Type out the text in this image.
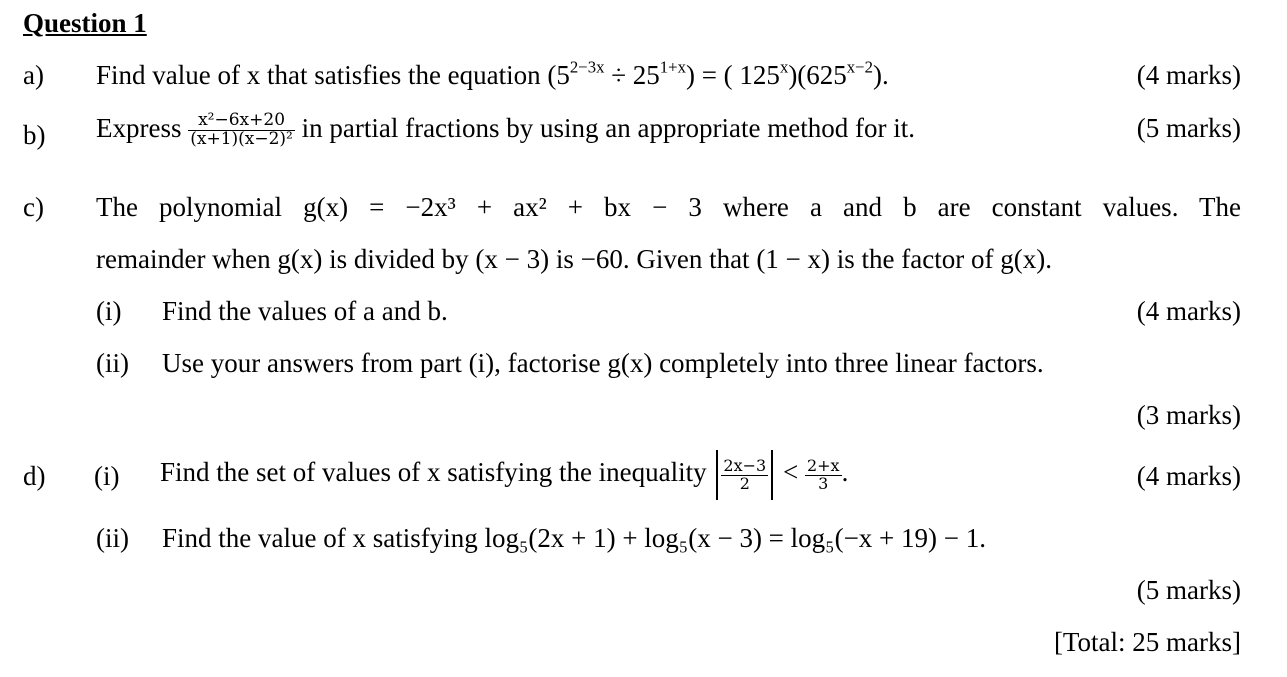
Question 1
a) Find value of x that satisfies the equation $(5^{2-3x} \div 25^{1+x})$ = ( $125^x)(625^{x-2})$.	(4 marks)
b) Express $\frac{\text{x²−6x+20}}{\text{(x+1)(x−2)²}}$ in partial fractions by using an appropriate method for it.	(5 marks)
c) The polynomial g(x) = −2x³ + ax² + bx − 3 where a and b are constant values. The
remainder when g(x) is divided by (x − 3) is −60. Given that (1 − x) is the factor of g(x).
(i) Find the values of a and b.	(4 marks)
(ii) Use your answers from part (i), factorise g(x) completely into three linear factors.
(3 marks)
d) (i) Find the set of values of x satisfying the inequality $\frac{2x-3}{2} < \frac{2+x}{3}$ .	(4 marks)
(ii) Find the value of x satisfying log₅(2x + 1) + log₅(x − 3) = log₅(−x + 19) − 1.
(5 marks)
[Total: 25 marks]
